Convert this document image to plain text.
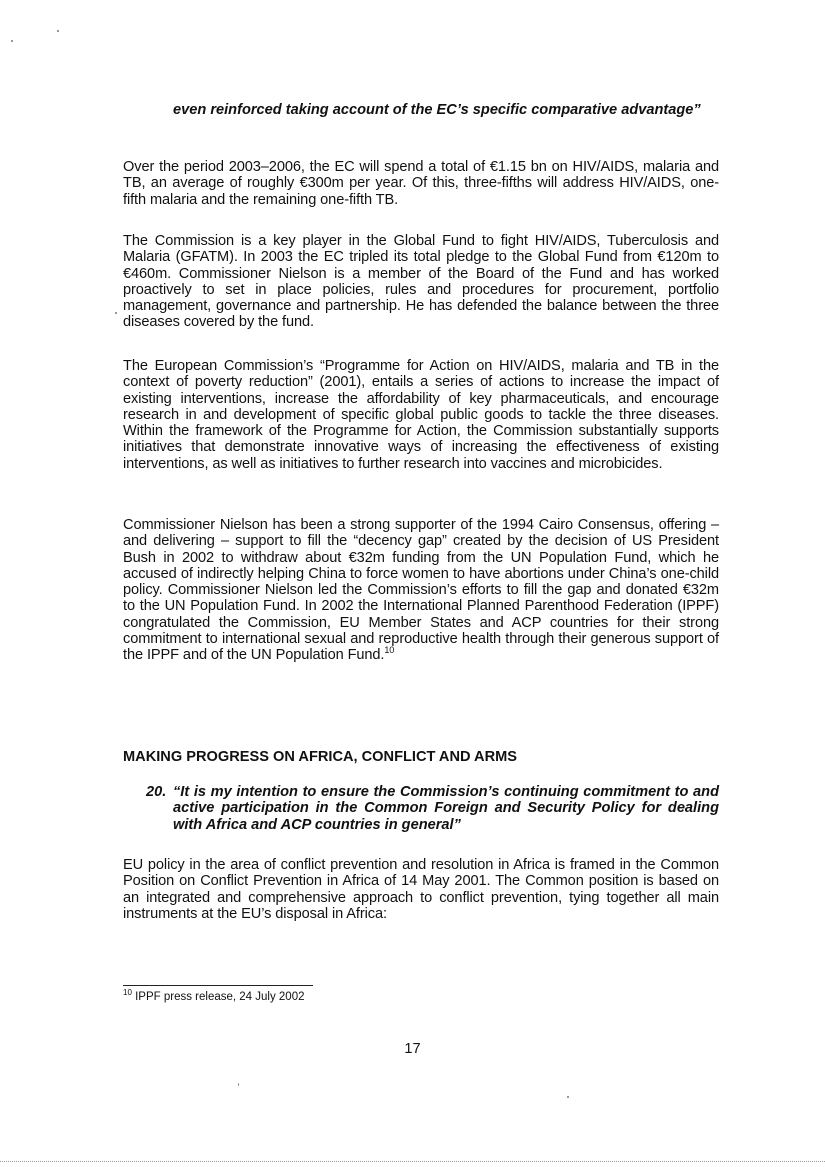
even reinforced taking account of the EC’s specific comparative advantage”

Over the period 2003–2006, the EC will spend a total of €1.15 bn on HIV/AIDS, malaria and TB, an average of roughly €300m per year. Of this, three-fifths will address HIV/AIDS, one-fifth malaria and the remaining one-fifth TB.

The Commission is a key player in the Global Fund to fight HIV/AIDS, Tuberculosis and Malaria (GFATM). In 2003 the EC tripled its total pledge to the Global Fund from €120m to €460m. Commissioner Nielson is a member of the Board of the Fund and has worked proactively to set in place policies, rules and procedures for procurement, portfolio management, governance and partnership. He has defended the balance between the three diseases covered by the fund.

The European Commission’s “Programme for Action on HIV/AIDS, malaria and TB in the context of poverty reduction” (2001), entails a series of actions to increase the impact of existing interventions, increase the affordability of key pharmaceuticals, and encourage research in and development of specific global public goods to tackle the three diseases. Within the framework of the Programme for Action, the Commission substantially supports initiatives that demonstrate innovative ways of increasing the effectiveness of existing interventions, as well as initiatives to further research into vaccines and microbicides.

Commissioner Nielson has been a strong supporter of the 1994 Cairo Consensus, offering – and delivering – support to fill the “decency gap” created by the decision of US President Bush in 2002 to withdraw about €32m funding from the UN Population Fund, which he accused of indirectly helping China to force women to have abortions under China’s one-child policy. Commissioner Nielson led the Commission’s efforts to fill the gap and donated €32m to the UN Population Fund. In 2002 the International Planned Parenthood Federation (IPPF) congratulated the Commission, EU Member States and ACP countries for their strong commitment to international sexual and reproductive health through their generous support of the IPPF and of the UN Population Fund.$^{10}$

MAKING PROGRESS ON AFRICA, CONFLICT AND ARMS

20. “It is my intention to ensure the Commission’s continuing commitment to and active participation in the Common Foreign and Security Policy for dealing with Africa and ACP countries in general”

EU policy in the area of conflict prevention and resolution in Africa is framed in the Common Position on Conflict Prevention in Africa of 14 May 2001. The Common position is based on an integrated and comprehensive approach to conflict prevention, tying together all main instruments at the EU’s disposal in Africa:

$^{10}$ IPPF press release, 24 July 2002

17
